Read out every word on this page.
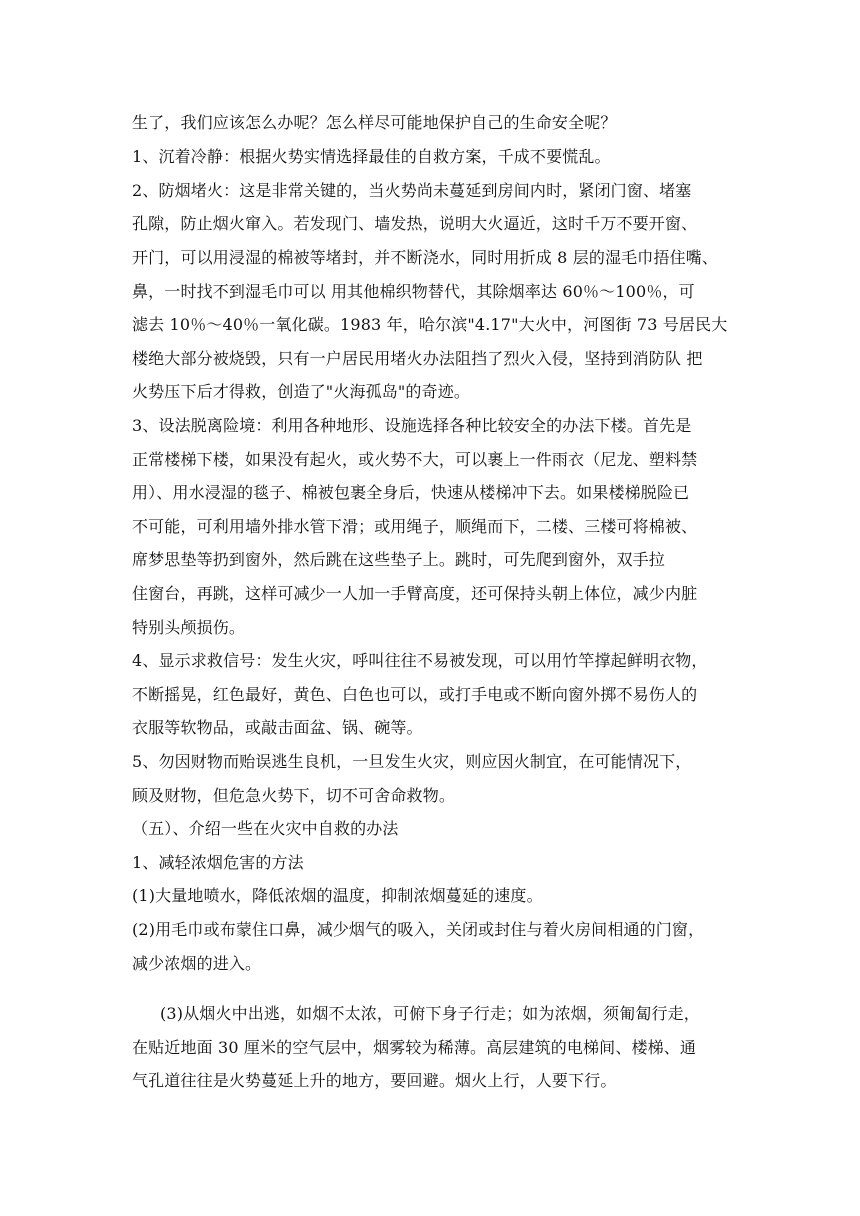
生了，我们应该怎么办呢？怎么样尽可能地保护自己的生命安全呢？
1、沉着冷静：根据火势实情选择最佳的自救方案，千成不要慌乱。
2、防烟堵火：这是非常关键的，当火势尚未蔓延到房间内时，紧闭门窗、堵塞
孔隙，防止烟火窜入。若发现门、墙发热，说明大火逼近，这时千万不要开窗、
开门，可以用浸湿的棉被等堵封，并不断浇水，同时用折成 8 层的湿毛巾捂住嘴、
鼻，一时找不到湿毛巾可以 用其他棉织物替代，其除烟率达 60％～100％，可
滤去 10％～40％一氧化碳。1983 年，哈尔滨"4.17"大火中，河图街 73 号居民大
楼绝大部分被烧毁，只有一户居民用堵火办法阻挡了烈火入侵，坚持到消防队 把
火势压下后才得救，创造了"火海孤岛"的奇迹。
3、设法脱离险境：利用各种地形、设施选择各种比较安全的办法下楼。首先是
正常楼梯下楼，如果没有起火，或火势不大，可以裹上一件雨衣（尼龙、塑料禁
用）、用水浸湿的毯子、棉被包裹全身后，快速从楼梯冲下去。如果楼梯脱险已
不可能，可利用墙外排水管下滑；或用绳子，顺绳而下，二楼、三楼可将棉被、
席梦思垫等扔到窗外，然后跳在这些垫子上。跳时，可先爬到窗外，双手拉
住窗台，再跳，这样可减少一人加一手臂高度，还可保持头朝上体位，减少内脏
特别头颅损伤。
4、显示求救信号：发生火灾，呼叫往往不易被发现，可以用竹竿撑起鲜明衣物，
不断摇晃，红色最好，黄色、白色也可以，或打手电或不断向窗外掷不易伤人的
衣服等软物品，或敲击面盆、锅、碗等。
5、勿因财物而贻误逃生良机，一旦发生火灾，则应因火制宜，在可能情况下，
顾及财物，但危急火势下，切不可舍命救物。
（五）、介绍一些在火灾中自救的办法
1、减轻浓烟危害的方法
(1)大量地喷水，降低浓烟的温度，抑制浓烟蔓延的速度。
(2)用毛巾或布蒙住口鼻，减少烟气的吸入，关闭或封住与着火房间相通的门窗，
减少浓烟的进入。
(3)从烟火中出逃，如烟不太浓，可俯下身子行走；如为浓烟，须匍匐行走，
在贴近地面 30 厘米的空气层中，烟雾较为稀薄。高层建筑的电梯间、楼梯、通
气孔道往往是火势蔓延上升的地方，要回避。烟火上行，人要下行。
